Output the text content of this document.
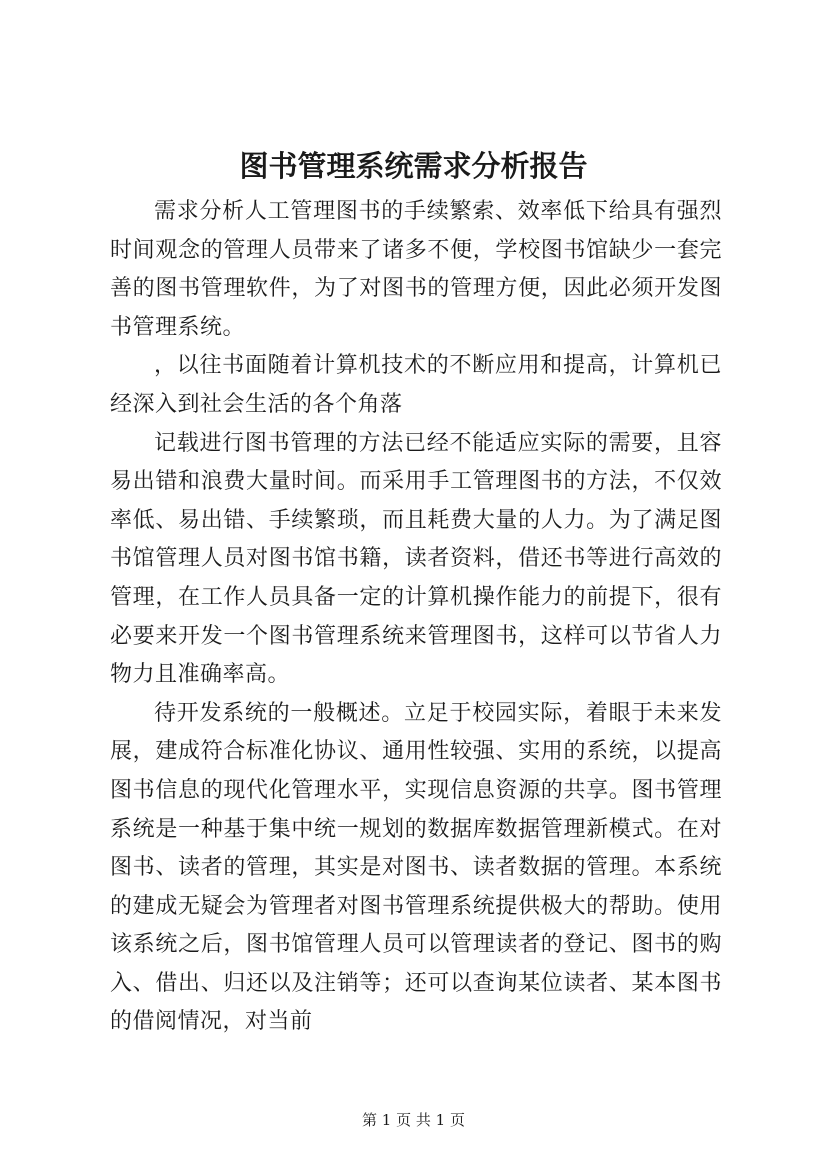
图书管理系统需求分析报告

需求分析人工管理图书的手续繁索、效率低下给具有强烈时间观念的管理人员带来了诸多不便，学校图书馆缺少一套完善的图书管理软件，为了对图书的管理方便，因此必须开发图书管理系统。

，以往书面随着计算机技术的不断应用和提高，计算机已经深入到社会生活的各个角落

记载进行图书管理的方法已经不能适应实际的需要，且容易出错和浪费大量时间。而采用手工管理图书的方法，不仅效率低、易出错、手续繁琐，而且耗费大量的人力。为了满足图书馆管理人员对图书馆书籍，读者资料，借还书等进行高效的管理，在工作人员具备一定的计算机操作能力的前提下，很有必要来开发一个图书管理系统来管理图书，这样可以节省人力物力且准确率高。

待开发系统的一般概述。立足于校园实际，着眼于未来发展，建成符合标准化协议、通用性较强、实用的系统，以提高图书信息的现代化管理水平，实现信息资源的共享。图书管理系统是一种基于集中统一规划的数据库数据管理新模式。在对图书、读者的管理，其实是对图书、读者数据的管理。本系统的建成无疑会为管理者对图书管理系统提供极大的帮助。使用该系统之后，图书馆管理人员可以管理读者的登记、图书的购入、借出、归还以及注销等；还可以查询某位读者、某本图书的借阅情况，对当前

第 1 页 共 1 页
